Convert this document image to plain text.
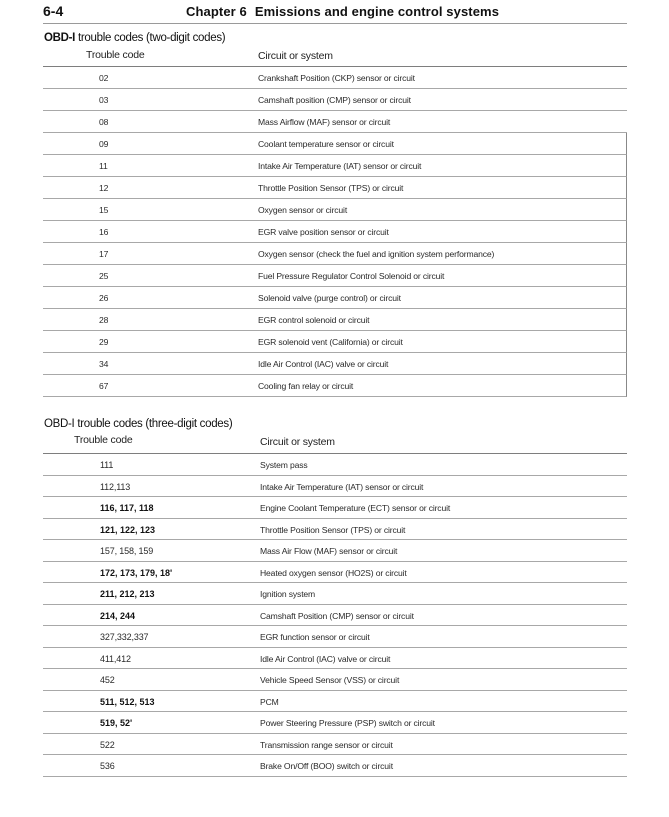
6-4	Chapter 6 Emissions and engine control systems
OBD-I trouble codes (two-digit codes)
Trouble code	Circuit or system
02	Crankshaft Position (CKP) sensor or circuit
03	Camshaft position (CMP) sensor or circuit
08	Mass Airflow (MAF) sensor or circuit
09	Coolant temperature sensor or circuit
11	Intake Air Temperature (IAT) sensor or circuit
12	Throttle Position Sensor (TPS) or circuit
15	Oxygen sensor or circuit
16	EGR valve position sensor or circuit
17	Oxygen sensor (check the fuel and ignition system performance)
25	Fuel Pressure Regulator Control Solenoid or circuit
26	Solenoid valve (purge control) or circuit
28	EGR control solenoid or circuit
29	EGR solenoid vent (California) or circuit
34	Idle Air Control (IAC) valve or circuit
67	Cooling fan relay or circuit
OBD-I trouble codes (three-digit codes)
Trouble code	Circuit or system
111	System pass
112,113	Intake Air Temperature (IAT) sensor or circuit
116, 117, 118	Engine Coolant Temperature (ECT) sensor or circuit
121, 122, 123	Throttle Position Sensor (TPS) or circuit
157, 158, 159	Mass Air Flow (MAF) sensor or circuit
172, 173, 179, 18'	Heated oxygen sensor (HO2S) or circuit
211, 212, 213	Ignition system
214, 244	Camshaft Position (CMP) sensor or circuit
327,332,337	EGR function sensor or circuit
411,412	Idle Air Control (IAC) valve or circuit
452	Vehicle Speed Sensor (VSS) or circuit
511, 512, 513	PCM
519, 52'	Power Steering Pressure (PSP) switch or circuit
522	Transmission range sensor or circuit
536	Brake On/Off (BOO) switch or circuit
